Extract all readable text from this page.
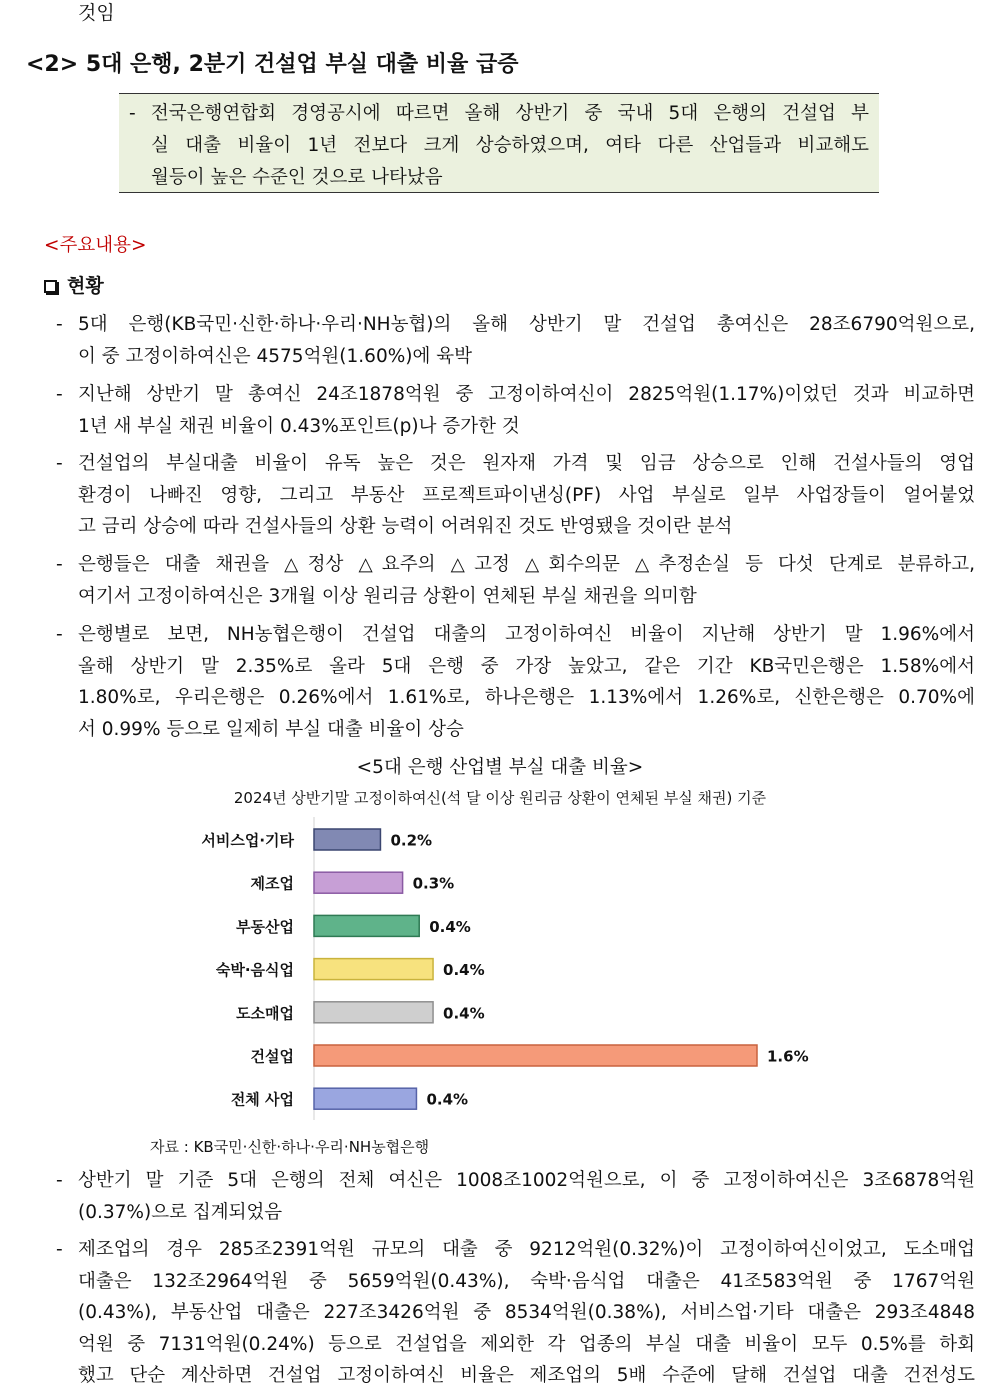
것임
<2> 5대 은행, 2분기 건설업 부실 대출 비율 급증
- 전국은행연합회 경영공시에 따르면 올해 상반기 중 국내 5대 은행의 건설업 부
실 대출 비율이 1년 전보다 크게 상승하였으며, 여타 다른 산업들과 비교해도
월등이 높은 수준인 것으로 나타났음
<주요내용>
현황
- 5대 은행(KB국민·신한·하나·우리·NH농협)의 올해 상반기 말 건설업 총여신은 28조6790억원으로,
이 중 고정이하여신은 4575억원(1.60%)에 육박
- 지난해 상반기 말 총여신 24조1878억원 중 고정이하여신이 2825억원(1.17%)이었던 것과 비교하면
1년 새 부실 채권 비율이 0.43%포인트(p)나 증가한 것
- 건설업의 부실대출 비율이 유독 높은 것은 원자재 가격 및 임금 상승으로 인해 건설사들의 영업
환경이 나빠진 영향, 그리고 부동산 프로젝트파이낸싱(PF) 사업 부실로 일부 사업장들이 얼어붙었
고 금리 상승에 따라 건설사들의 상환 능력이 어려워진 것도 반영됐을 것이란 분석
- 은행들은 대출 채권을 △정상 △요주의 △고정 △회수의문 △추정손실 등 다섯 단계로 분류하고,
여기서 고정이하여신은 3개월 이상 원리금 상환이 연체된 부실 채권을 의미함
- 은행별로 보면, NH농협은행이 건설업 대출의 고정이하여신 비율이 지난해 상반기 말 1.96%에서
올해 상반기 말 2.35%로 올라 5대 은행 중 가장 높았고, 같은 기간 KB국민은행은 1.58%에서
1.80%로, 우리은행은 0.26%에서 1.61%로, 하나은행은 1.13%에서 1.26%로, 신한은행은 0.70%에
서 0.99% 등으로 일제히 부실 대출 비율이 상승
<5대 은행 산업별 부실 대출 비율>
2024년 상반기말 고정이하여신(석 달 이상 원리금 상환이 연체된 부실 채권) 기준
서비스업·기타	0.2%
제조업	0.3%
부동산업	0.4%
숙박·음식업	0.4%
도소매업	0.4%
건설업	1.6%
전체 사업	0.4%
자료 : KB국민·신한·하나·우리·NH농협은행
- 상반기 말 기준 5대 은행의 전체 여신은 1008조1002억원으로, 이 중 고정이하여신은 3조6878억원
(0.37%)으로 집계되었음
- 제조업의 경우 285조2391억원 규모의 대출 중 9212억원(0.32%)이 고정이하여신이었고, 도소매업
대출은 132조2964억원 중 5659억원(0.43%), 숙박·음식업 대출은 41조583억원 중 1767억원
(0.43%), 부동산업 대출은 227조3426억원 중 8534억원(0.38%), 서비스업·기타 대출은 293조4848
억원 중 7131억원(0.24%) 등으로 건설업을 제외한 각 업종의 부실 대출 비율이 모두 0.5%를 하회
했고 단순 계산하면 건설업 고정이하여신 비율은 제조업의 5배 수준에 달해 건설업 대출 건전성도
